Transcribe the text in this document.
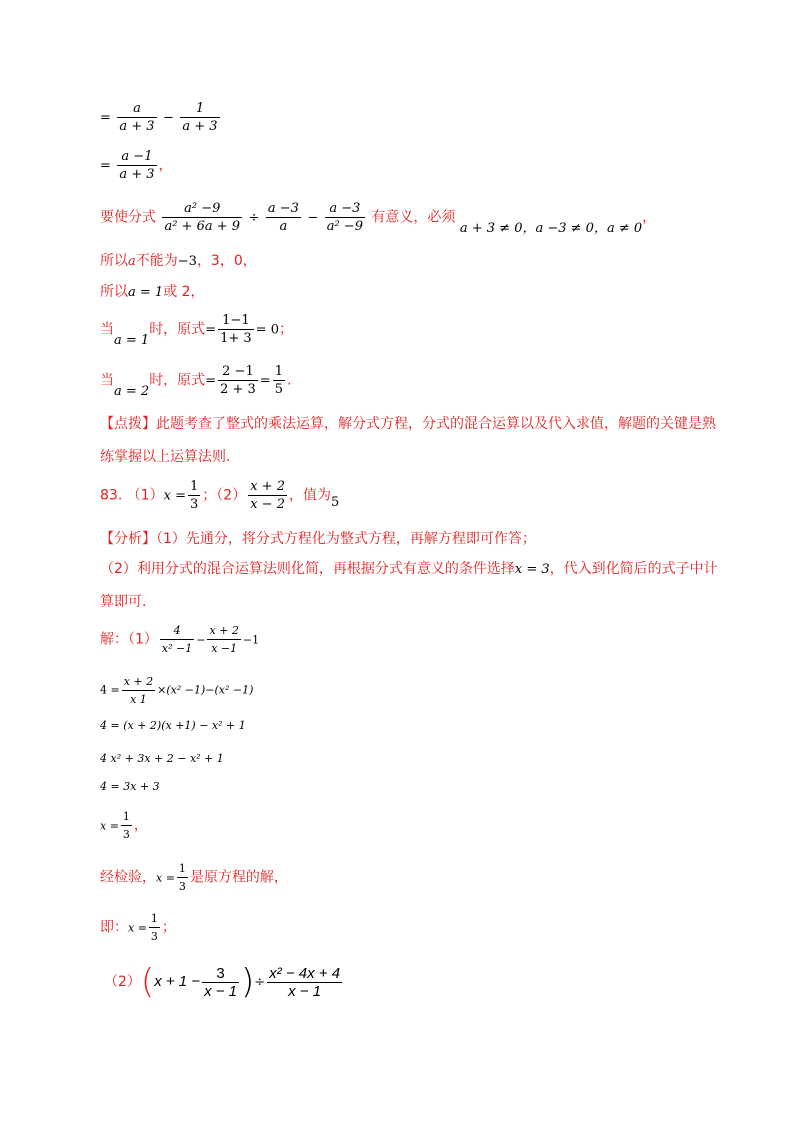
= $\frac{a}{a + 3} - \frac{1}{a + 3}$
= $\frac{a -1}{a + 3}$ ，
要使分式 $\frac{\text{a² −9}}{\text{a² + 6a + 9}} \div \frac{a -3}{a} - \frac{a -3}{\text{a² −9}}$ 有意义，必须 a + 3 ≠ 0，a −3 ≠ 0，a ≠ 0，
所以a不能为−3，3，0，
所以a = 1或 2，
当a = 1时，原式= $\frac{1-1}{1+ 3} = 0$；
当a = 2时，原式= $\frac{2 -1}{2 + 3} = \frac{1}{5}$ .
【点拨】此题考查了整式的乘法运算，解分式方程，分式的混合运算以及代入求值，解题的关键是熟
练掌握以上运算法则.
83. $(1)x = \frac{1}{3}$ ；$(2) \frac{x + 2}{x - 2}$ ，值为5
【分析】（1）先通分，将分式方程化为整式方程，再解方程即可作答；
（2）利用分式的混合运算法则化简，再根据分式有意义的条件选择x = 3，代入到化简后的式子中计
算即可.
解：$(1) \frac{4}{\text{x² −1}} - \frac{x + 2}{x -1} -1$
$4 = \frac{x + 2}{x 1} \times(x^2 -1)-(x^2 -1)$
4 = (x + 2)(x +1) − x² + 1
4 x² + 3x + 2 − x² + 1
4 = 3x + 3
$x = \frac{1}{3}$ ，
经检验，$x = \frac{1}{3}$ 是原方程的解，
即：$x = \frac{1}{3}$ ；
$(2)(x + 1 - \frac{3}{x - 1}$ )÷ $\frac{\text{x² − 4x + 4}}{x - 1}$
